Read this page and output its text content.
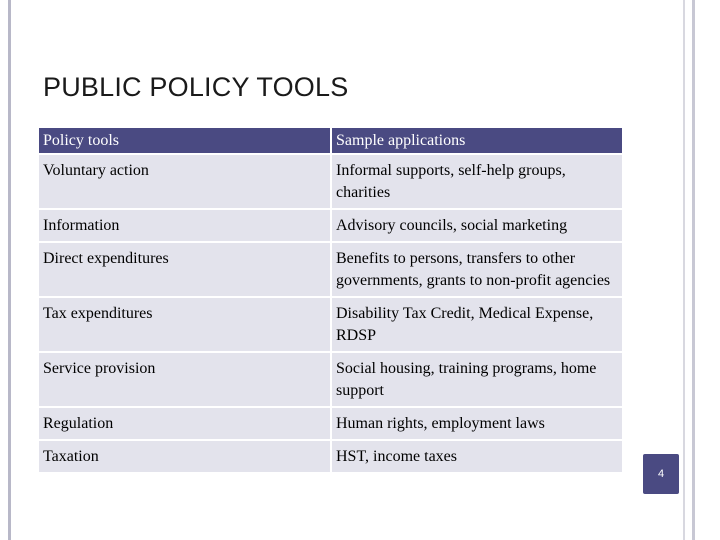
PUBLIC POLICY TOOLS
Policy tools	Sample applications
Voluntary action	Informal supports, self-help groups, charities
Information	Advisory councils, social marketing
Direct expenditures	Benefits to persons, transfers to other governments, grants to non-profit agencies
Tax expenditures	Disability Tax Credit, Medical Expense, RDSP
Service provision	Social housing, training programs, home support
Regulation	Human rights, employment laws
Taxation	HST, income taxes
4
